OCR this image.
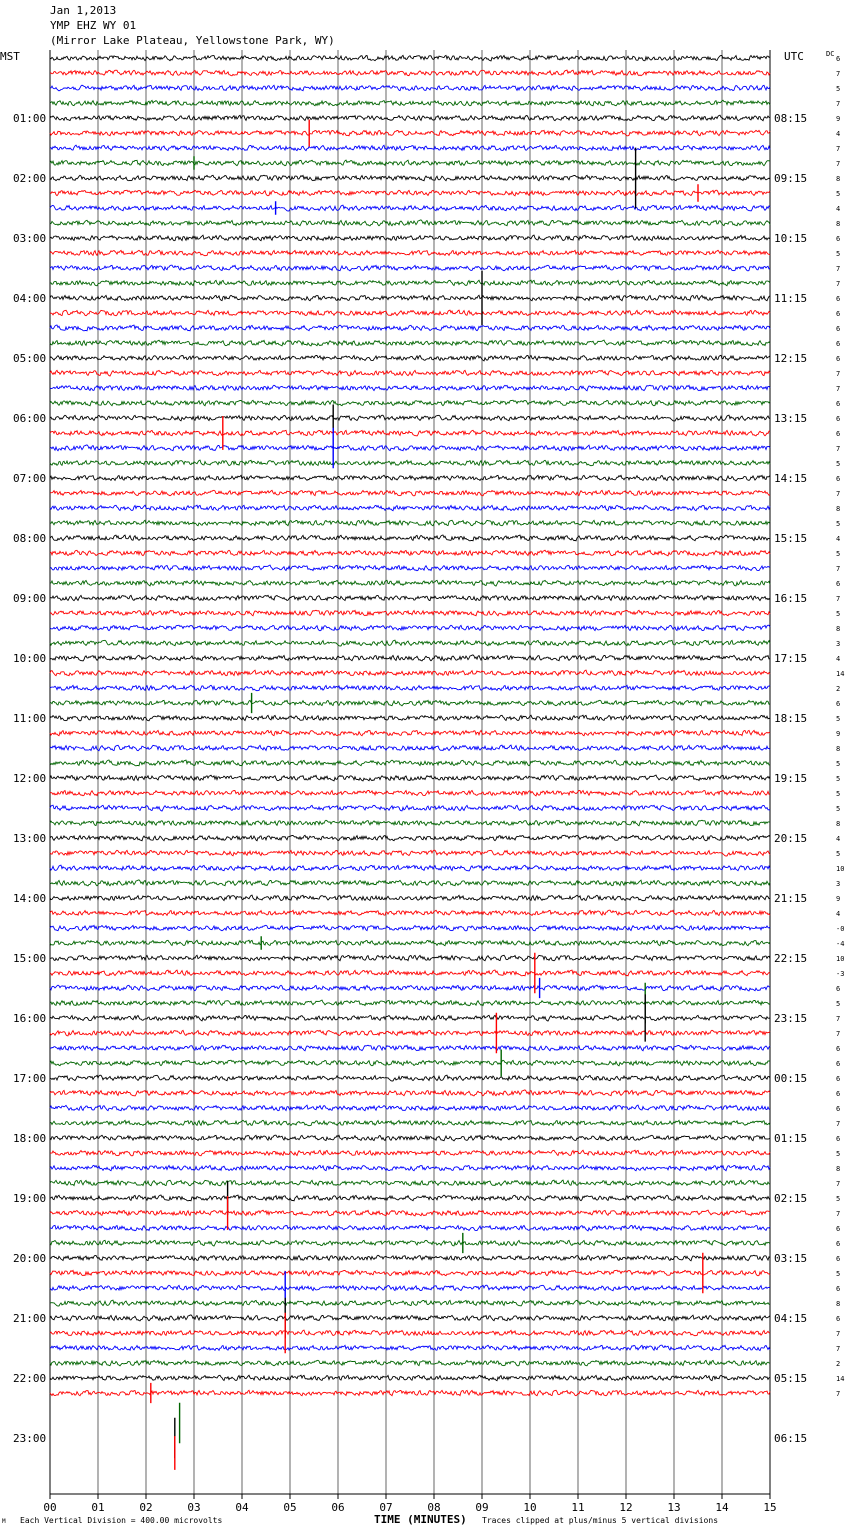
Jan 1,2013
YMP EHZ WY 01
(Mirror Lake Plateau, Yellowstone Park, WY)
MST	UTC	DC
01:00
02:00
03:00
04:00
05:00
06:00
07:00
08:00
09:00
10:00
11:00
12:00
13:00
14:00
15:00
16:00
17:00
18:00
19:00
20:00
21:00
22:00
23:00
08:15
09:15
10:15
11:15
12:15
13:15
14:15
15:15
16:15
17:15
18:15
19:15
20:15
21:15
22:15
23:15
00:15
01:15
02:15
03:15
04:15
05:15
06:15
6
7
5
7
9
4
7
7
8
5
4
8
6
5
7
7
6
6
6
6
6
7
7
6
6
6
7
5
6
7
8
5
4
5
7
6
7
5
8
3
4
14
2
6
5
9
8
5
5
5
5
8
4
5
10
3
9
4
-0
-4
10
-3
6
5
7
7
6
6
6
6
6
7
6
5
8
7
5
7
6
6
6
5
6
8
6
7
7
2
14
7
00	01	02	03	04	05	06	07	08	09	10	11	12	13	14	15
M Each Vertical Division = 400.00 microvolts	TIME (MINUTES) Traces clipped at plus/minus 5 vertical divisions
